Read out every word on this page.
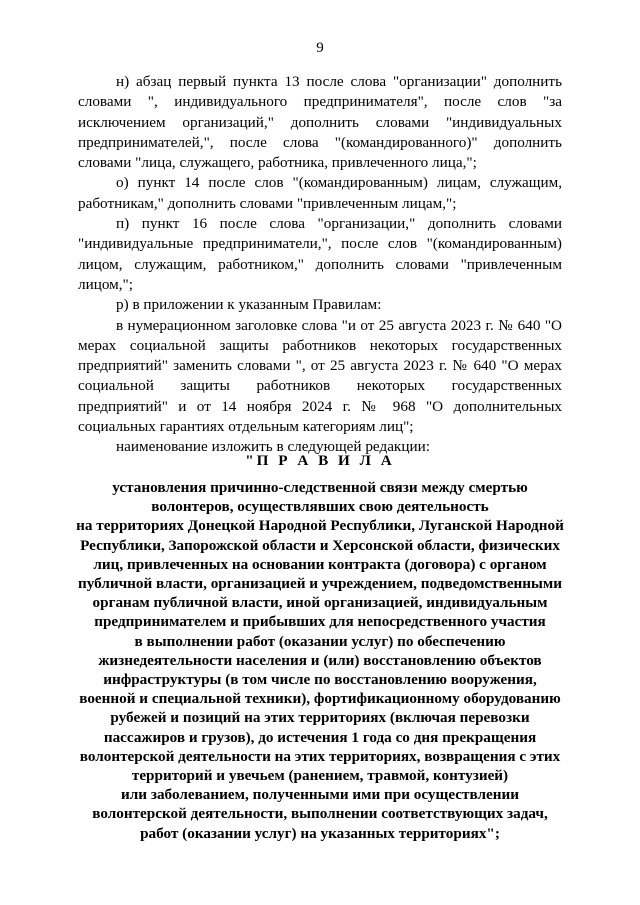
9

н) абзац первый пункта 13 после слова "организации" дополнить словами ", индивидуального предпринимателя", после слов "за исключением организаций," дополнить словами "индивидуальных предпринимателей,", после слова "(командированного)" дополнить словами "лица, служащего, работника, привлеченного лица,";

о) пункт 14 после слов "(командированным) лицам, служащим, работникам," дополнить словами "привлеченным лицам,";

п) пункт 16 после слова "организации," дополнить словами "индивидуальные предприниматели,", после слов "(командированным) лицом, служащим, работником," дополнить словами "привлеченным лицом,";

р) в приложении к указанным Правилам:

в нумерационном заголовке слова "и от 25 августа 2023 г. № 640 "О мерах социальной защиты работников некоторых государственных предприятий" заменить словами ", от 25 августа 2023 г. № 640 "О мерах социальной защиты работников некоторых государственных предприятий" и от 14 ноября 2024 г. № 968 "О дополнительных социальных гарантиях отдельным категориям лиц";

наименование изложить в следующей редакции:

"П Р А В И Л А
установления причинно-следственной связи между смертью
волонтеров, осуществлявших свою деятельность
на территориях Донецкой Народной Республики, Луганской Народной
Республики, Запорожской области и Херсонской области, физических
лиц, привлеченных на основании контракта (договора) с органом
публичной власти, организацией и учреждением, подведомственными
органам публичной власти, иной организацией, индивидуальным
предпринимателем и прибывших для непосредственного участия
в выполнении работ (оказании услуг) по обеспечению
жизнедеятельности населения и (или) восстановлению объектов
инфраструктуры (в том числе по восстановлению вооружения,
военной и специальной техники), фортификационному оборудованию
рубежей и позиций на этих территориях (включая перевозки
пассажиров и грузов), до истечения 1 года со дня прекращения
волонтерской деятельности на этих территориях, возвращения с этих
территорий и увечьем (ранением, травмой, контузией)
или заболеванием, полученными ими при осуществлении
волонтерской деятельности, выполнении соответствующих задач,
работ (оказании услуг) на указанных территориях";
